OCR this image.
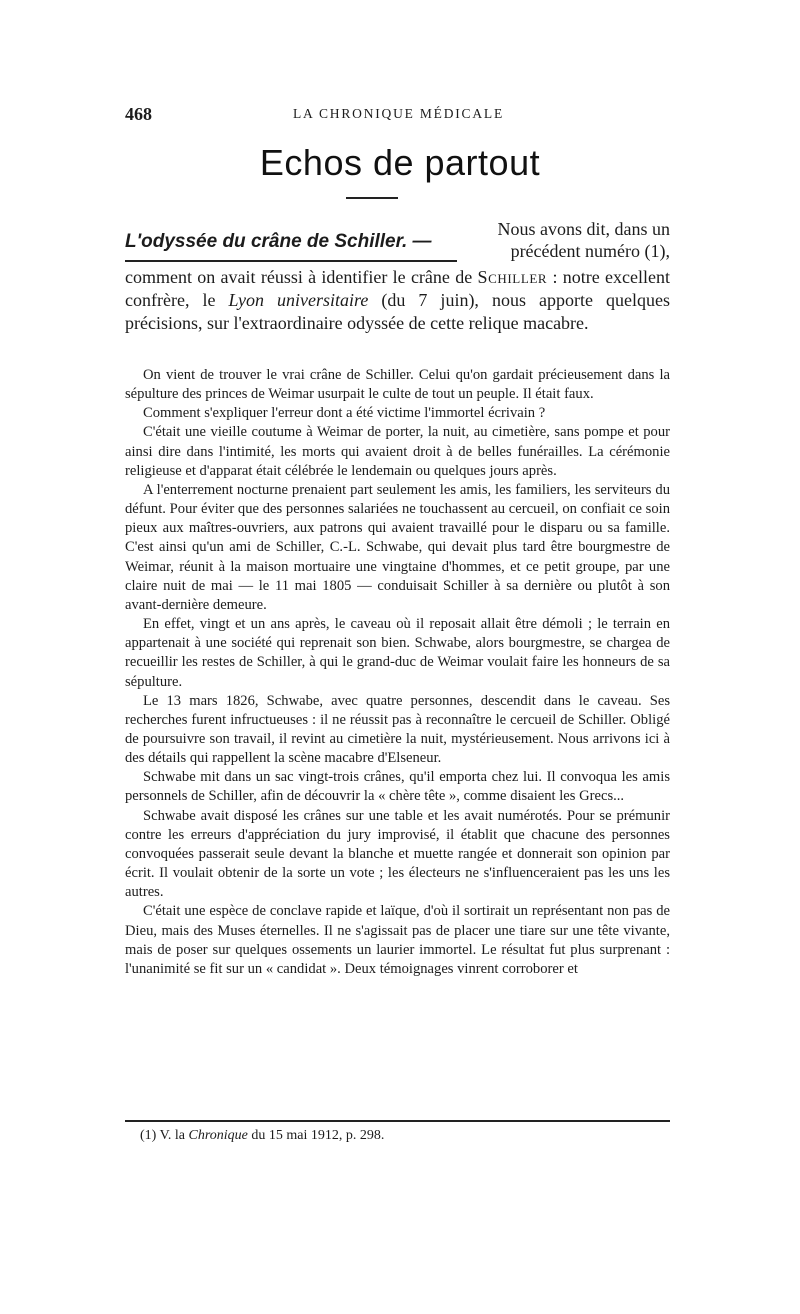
468	LA CHRONIQUE MÉDICALE
Echos de partout
L'odyssée du crâne de Schiller. —
Nous avons dit, dans un
précédent numéro (1),
comment on avait réussi à identifier le crâne de Schiller : notre excellent confrère, le Lyon universitaire (du 7 juin), nous apporte quelques précisions, sur l'extraordinaire odyssée de cette relique macabre.

On vient de trouver le vrai crâne de Schiller. Celui qu'on gardait précieusement dans la sépulture des princes de Weimar usurpait le culte de tout un peuple. Il était faux.

Comment s'expliquer l'erreur dont a été victime l'immortel écrivain ?

C'était une vieille coutume à Weimar de porter, la nuit, au cimetière, sans pompe et pour ainsi dire dans l'intimité, les morts qui avaient droit à de belles funérailles. La cérémonie religieuse et d'apparat était célébrée le lendemain ou quelques jours après.

A l'enterrement nocturne prenaient part seulement les amis, les familiers, les serviteurs du défunt. Pour éviter que des personnes salariées ne touchassent au cercueil, on confiait ce soin pieux aux maîtres-ouvriers, aux patrons qui avaient travaillé pour le disparu ou sa famille. C'est ainsi qu'un ami de Schiller, C.-L. Schwabe, qui devait plus tard être bourgmestre de Weimar, réunit à la maison mortuaire une vingtaine d'hommes, et ce petit groupe, par une claire nuit de mai — le 11 mai 1805 — conduisait Schiller à sa dernière ou plutôt à son avant-dernière demeure.

En effet, vingt et un ans après, le caveau où il reposait allait être démoli ; le terrain en appartenait à une société qui reprenait son bien. Schwabe, alors bourgmestre, se chargea de recueillir les restes de Schiller, à qui le grand-duc de Weimar voulait faire les honneurs de sa sépulture.

Le 13 mars 1826, Schwabe, avec quatre personnes, descendit dans le caveau. Ses recherches furent infructueuses : il ne réussit pas à reconnaître le cercueil de Schiller. Obligé de poursuivre son travail, il revint au cimetière la nuit, mystérieusement. Nous arrivons ici à des détails qui rappellent la scène macabre d'Elseneur.

Schwabe mit dans un sac vingt-trois crânes, qu'il emporta chez lui. Il convoqua les amis personnels de Schiller, afin de découvrir la « chère tête », comme disaient les Grecs...

Schwabe avait disposé les crânes sur une table et les avait numérotés. Pour se prémunir contre les erreurs d'appréciation du jury improvisé, il établit que chacune des personnes convoquées passerait seule devant la blanche et muette rangée et donnerait son opinion par écrit. Il voulait obtenir de la sorte un vote ; les électeurs ne s'influenceraient pas les uns les autres.

C'était une espèce de conclave rapide et laïque, d'où il sortirait un représentant non pas de Dieu, mais des Muses éternelles. Il ne s'agissait pas de placer une tiare sur une tête vivante, mais de poser sur quelques ossements un laurier immortel. Le résultat fut plus surprenant : l'unanimité se fit sur un « candidat ». Deux témoignages vinrent corroborer et

(1) V. la Chronique du 15 mai 1912, p. 298.
